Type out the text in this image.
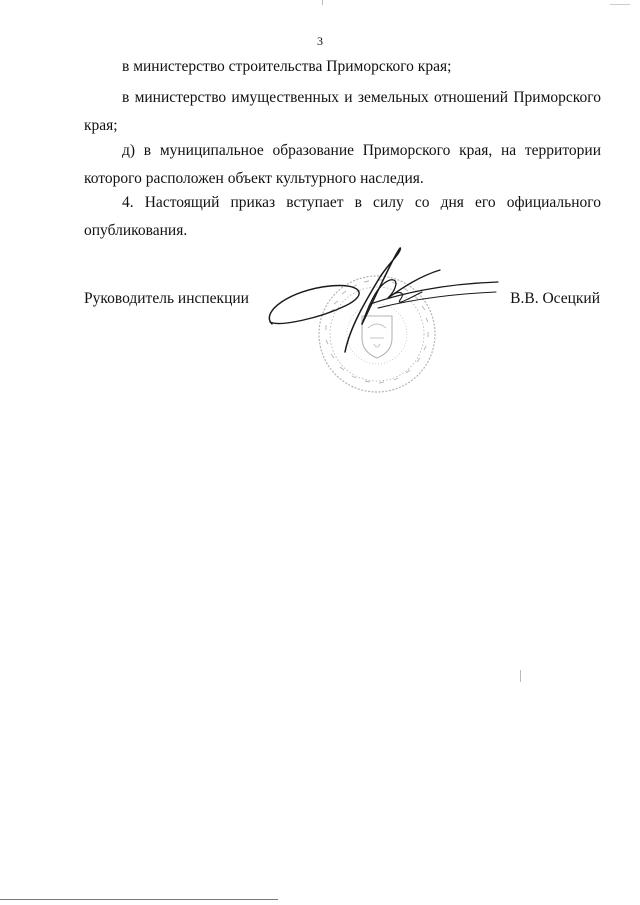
3
в министерство строительства Приморского края;
в министерство имущественных и земельных отношений Приморского края;
д) в муниципальное образование Приморского края, на территории которого расположен объект культурного наследия.
4. Настоящий приказ вступает в силу со дня его официального опубликования.
Руководитель инспекции	В.В. Осецкий
